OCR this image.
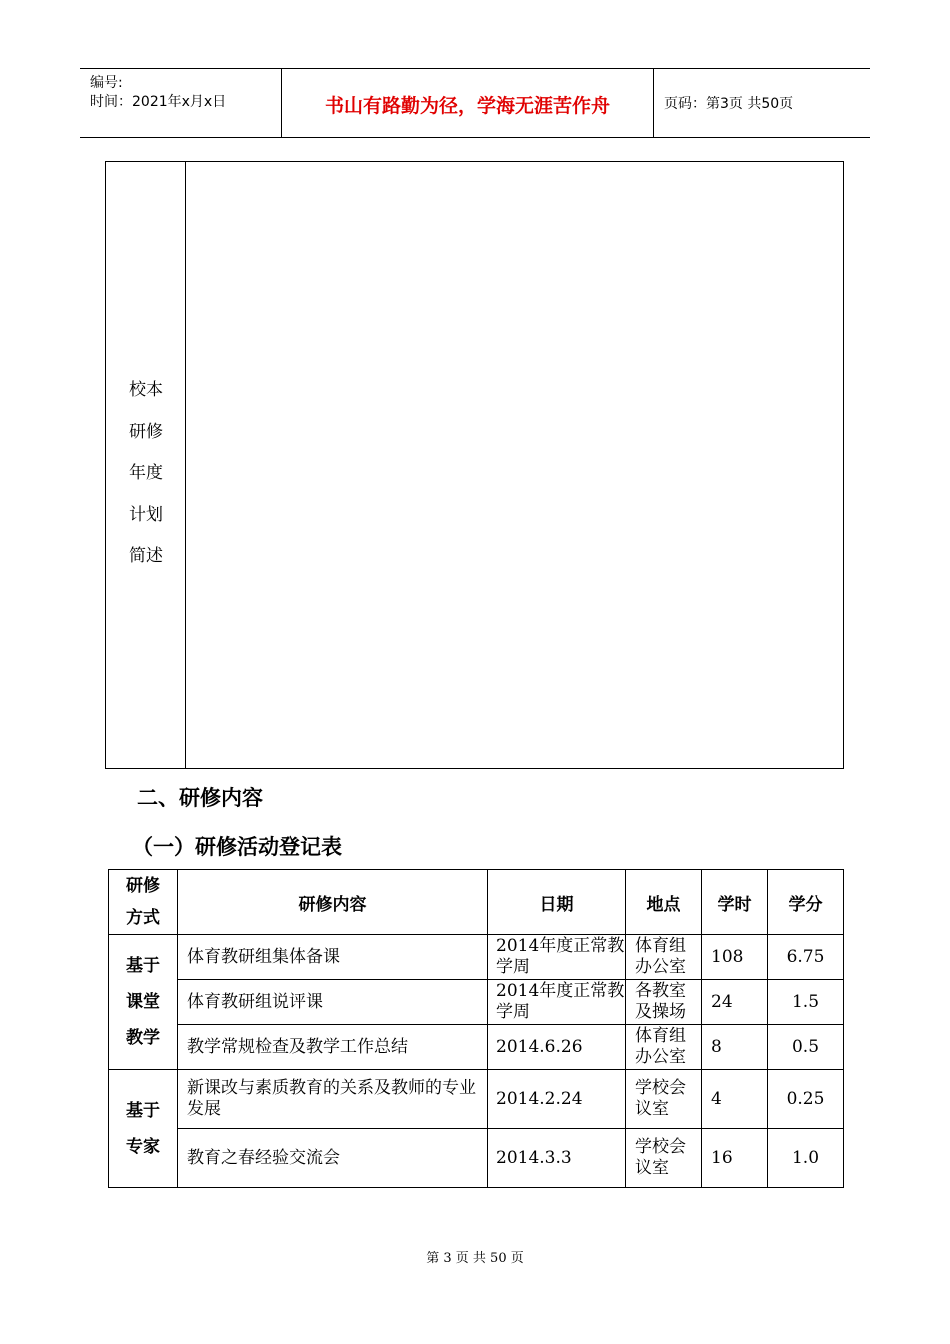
编号:
时间：2021年x月x日	书山有路勤为径，学海无涯苦作舟	页码：第3页 共50页
校本
研修
年度
计划
简述
二、研修内容
（一）研修活动登记表
研修
方式	研修内容	日期	地点	学时	学分

基于
课堂
教学	体育教研组集体备课	2014年度正常教学周	体育组办公室	108	6.75
	体育教研组说评课	2014年度正常教学周	各教室及操场	24	1.5
	教学常规检查及教学工作总结	2014.6.26	体育组办公室	8	0.5

基于
专家	新课改与素质教育的关系及教师的专业发展	2014.2.24	学校会议室	4	0.25
	教育之春经验交流会	2014.3.3	学校会议室	16	1.0
第 3 页 共 50 页
